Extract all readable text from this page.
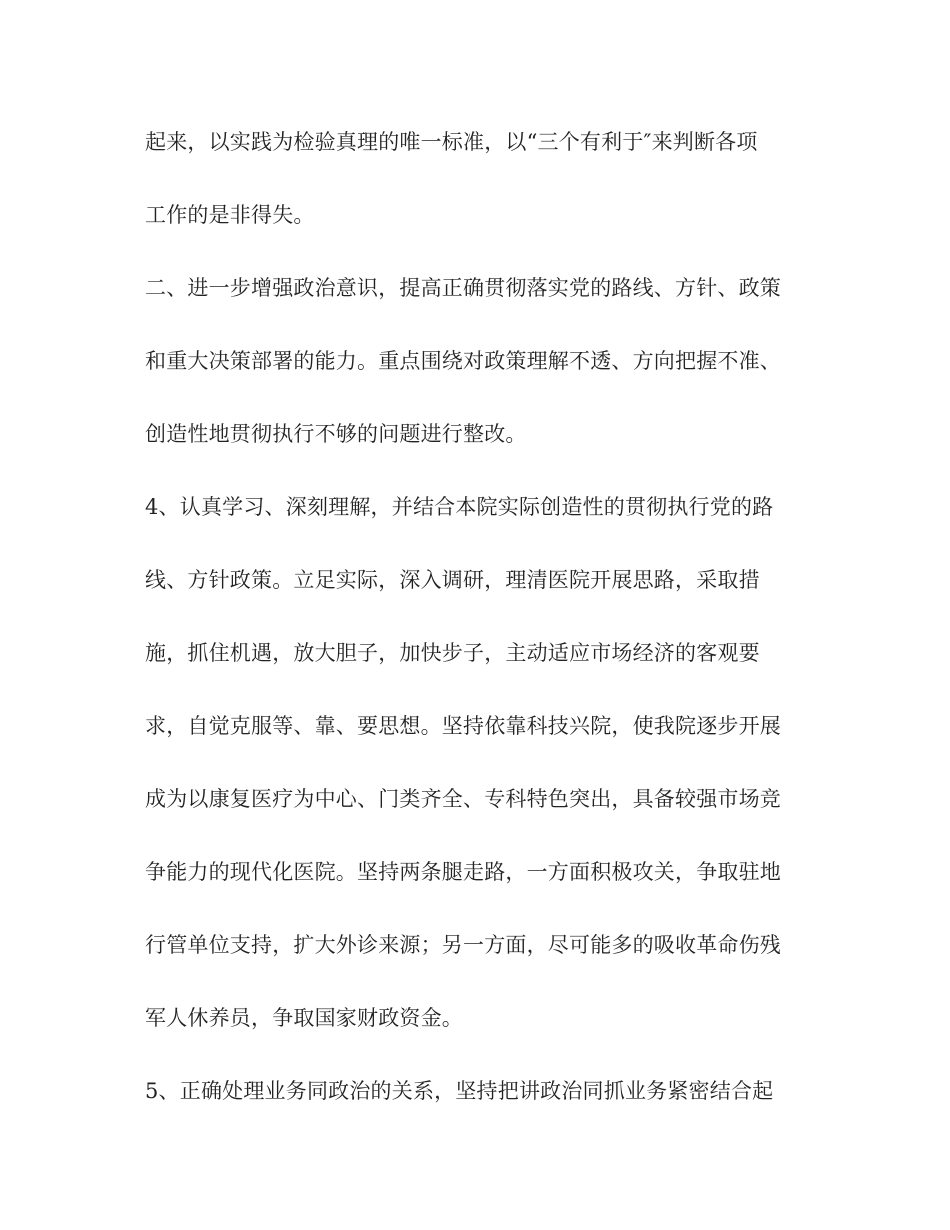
起来，以实践为检验真理的唯一标准，以“三个有利于″来判断各项
工作的是非得失。
二、进一步增强政治意识，提高正确贯彻落实党的路线、方针、政策
和重大决策部署的能力。重点围绕对政策理解不透、方向把握不准、
创造性地贯彻执行不够的问题进行整改。
4、认真学习、深刻理解，并结合本院实际创造性的贯彻执行党的路
线、方针政策。立足实际，深入调研，理清医院开展思路，采取措
施，抓住机遇，放大胆子，加快步子，主动适应市场经济的客观要
求，自觉克服等、靠、要思想。坚持依靠科技兴院，使我院逐步开展
成为以康复医疗为中心、门类齐全、专科特色突出，具备较强市场竞
争能力的现代化医院。坚持两条腿走路，一方面积极攻关，争取驻地
行管单位支持，扩大外诊来源；另一方面，尽可能多的吸收革命伤残
军人休养员，争取国家财政资金。
5、正确处理业务同政治的关系，坚持把讲政治同抓业务紧密结合起
